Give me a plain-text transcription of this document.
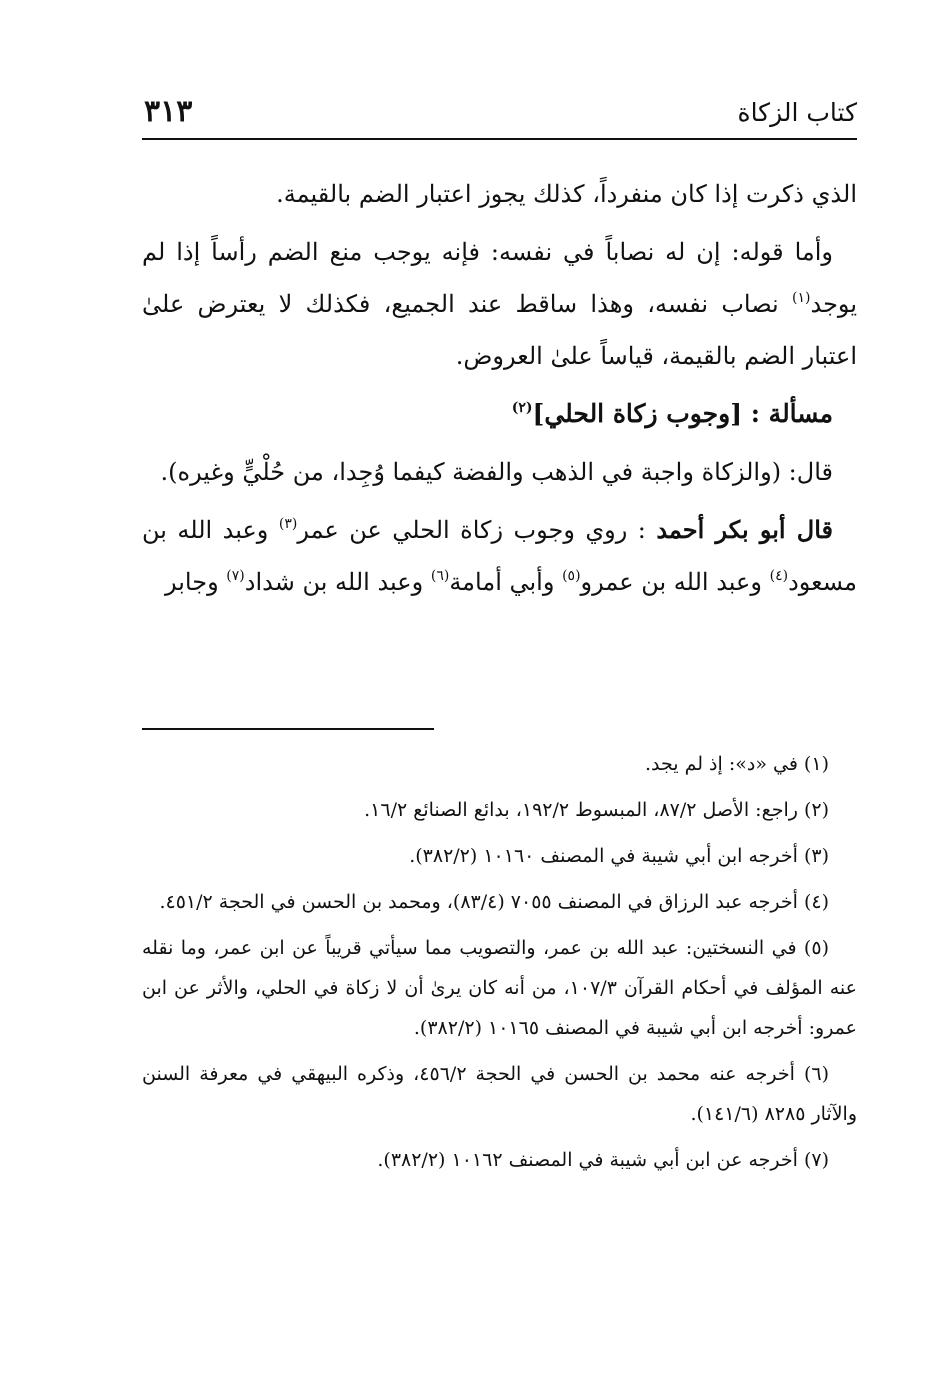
كتاب الزكاة
٣١٣

الذي ذكرت إذا كان منفرداً، كذلك يجوز اعتبار الضم بالقيمة.

وأما قوله: إن له نصاباً في نفسه: فإنه يوجب منع الضم رأساً إذا لم يوجد$^{(١)}$ نصاب نفسه، وهذا ساقط عند الجميع، فكذلك لا يعترض علىٰ اعتبار الضم بالقيمة، قياساً علىٰ العروض.

مسألة : [وجوب زكاة الحلي]$^{(٢)}$

قال: (والزكاة واجبة في الذهب والفضة كيفما وُجِدا، من حُلْيٍّ وغيره).

قال أبو بكر أحمد : روي وجوب زكاة الحلي عن عمر$^{(٣)}$ وعبد الله بن مسعود$^{(٤)}$ وعبد الله بن عمرو$^{(٥)}$ وأبي أمامة$^{(٦)}$ وعبد الله بن شداد$^{(٧)}$ وجابر

(١) في «د»: إذ لم يجد.

(٢) راجع: الأصل ٨٧/٢، المبسوط ١٩٢/٢، بدائع الصنائع ١٦/٢.

(٣) أخرجه ابن أبي شيبة في المصنف ١٠١٦٠ (٣٨٢/٢).

(٤) أخرجه عبد الرزاق في المصنف ٧٠٥٥ (٨٣/٤)، ومحمد بن الحسن في الحجة ٤٥١/٢.

(٥) في النسختين: عبد الله بن عمر، والتصويب مما سيأتي قريباً عن ابن عمر، وما نقله عنه المؤلف في أحكام القرآن ١٠٧/٣، من أنه كان يرىٰ أن لا زكاة في الحلي، والأثر عن ابن عمرو: أخرجه ابن أبي شيبة في المصنف ١٠١٦٥ (٣٨٢/٢).

(٦) أخرجه عنه محمد بن الحسن في الحجة ٤٥٦/٢، وذكره البيهقي في معرفة السنن والآثار ٨٢٨٥ (١٤١/٦).

(٧) أخرجه عن ابن أبي شيبة في المصنف ١٠١٦٢ (٣٨٢/٢).
